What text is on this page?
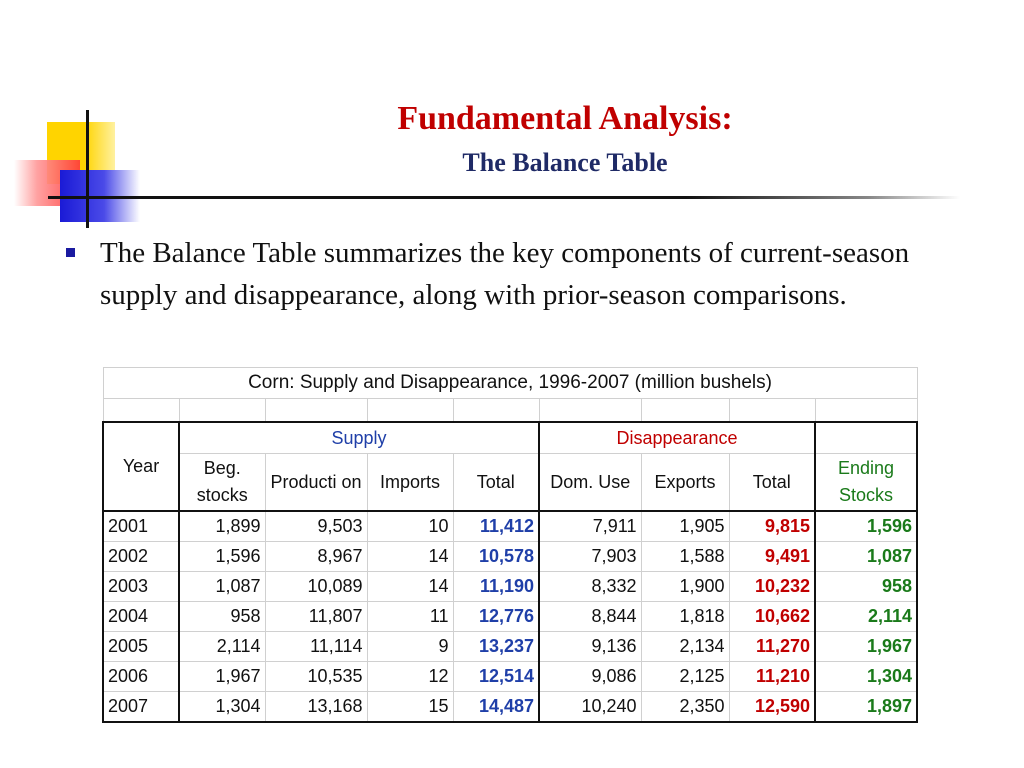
Fundamental Analysis:
The Balance Table
The Balance Table summarizes the key components of current-season supply and disappearance, along with prior-season comparisons.
Corn: Supply and Disappearance, 1996-2007 (million bushels)								

Year	Supply				Disappearance			
	Beg. stocks	Producti on	Imports	Total	Dom. Use	Exports	Total	Ending Stocks
2001	1,899	9,503	10	11,412	7,911	1,905	9,815	1,596
2002	1,596	8,967	14	10,578	7,903	1,588	9,491	1,087
2003	1,087	10,089	14	11,190	8,332	1,900	10,232	958
2004	958	11,807	11	12,776	8,844	1,818	10,662	2,114
2005	2,114	11,114	9	13,237	9,136	2,134	11,270	1,967
2006	1,967	10,535	12	12,514	9,086	2,125	11,210	1,304
2007	1,304	13,168	15	14,487	10,240	2,350	12,590	1,897
